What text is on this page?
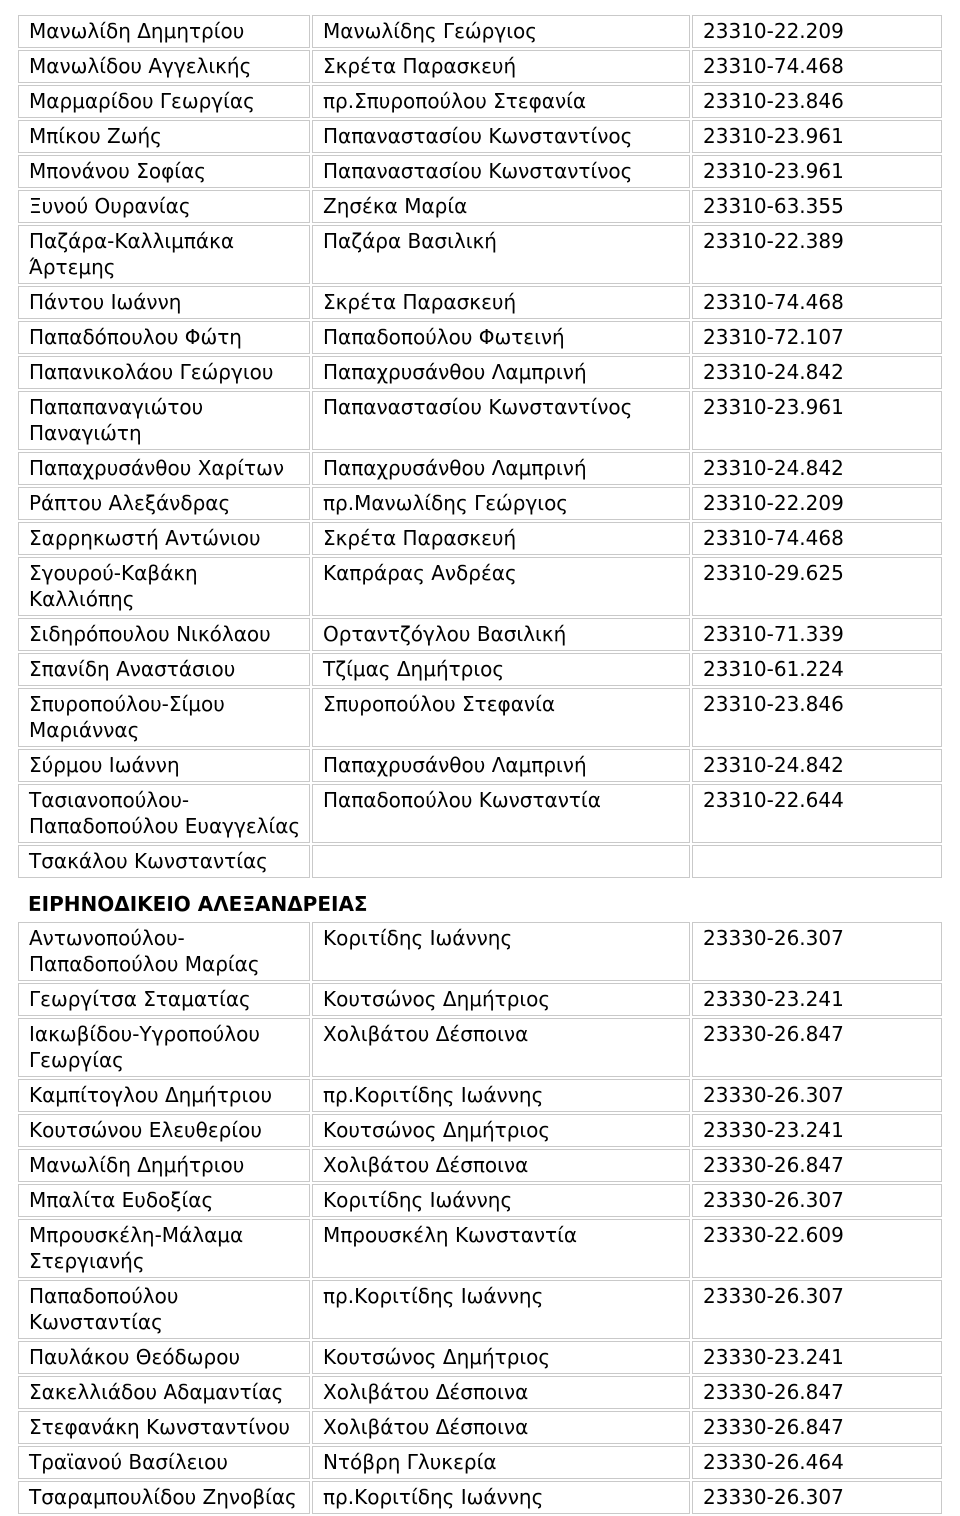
Μανωλίδη Δημητρίου	Μανωλίδης Γεώργιος	23310-22.209
Μανωλίδου Αγγελικής	Σκρέτα Παρασκευή	23310-74.468
Μαρμαρίδου Γεωργίας	πρ.Σπυροπούλου Στεφανία	23310-23.846
Μπίκου Ζωής	Παπαναστασίου Κωνσταντίνος	23310-23.961
Μπονάνου Σοφίας	Παπαναστασίου Κωνσταντίνος	23310-23.961
Ξυνού Ουρανίας	Ζησέκα Μαρία	23310-63.355
Παζάρα-Καλλιμπάκα Άρτεμης	Παζάρα Βασιλική	23310-22.389
Πάντου Ιωάννη	Σκρέτα Παρασκευή	23310-74.468
Παπαδόπουλου Φώτη	Παπαδοπούλου Φωτεινή	23310-72.107
Παπανικολάου Γεώργιου	Παπαχρυσάνθου Λαμπρινή	23310-24.842
Παπαπαναγιώτου Παναγιώτη	Παπαναστασίου Κωνσταντίνος	23310-23.961
Παπαχρυσάνθου Χαρίτων	Παπαχρυσάνθου Λαμπρινή	23310-24.842
Ράπτου Αλεξάνδρας	πρ.Μανωλίδης Γεώργιος	23310-22.209
Σαρρηκωστή Αντώνιου	Σκρέτα Παρασκευή	23310-74.468
Σγουρού-Καβάκη Καλλιόπης	Καπράρας Ανδρέας	23310-29.625
Σιδηρόπουλου Νικόλαου	Ορταντζόγλου Βασιλική	23310-71.339
Σπανίδη Αναστάσιου	Τζίμας Δημήτριος	23310-61.224
Σπυροπούλου-Σίμου Μαριάννας	Σπυροπούλου Στεφανία	23310-23.846
Σύρμου Ιωάννη	Παπαχρυσάνθου Λαμπρινή	23310-24.842
Τασιανοπούλου-Παπαδοπούλου Ευαγγελίας	Παπαδοπούλου Κωνσταντία	23310-22.644
Τσακάλου Κωνσταντίας		
ΕΙΡΗΝΟΔΙΚΕΙΟ ΑΛΕΞΑΝΔΡΕΙΑΣ
Αντωνοπούλου-Παπαδοπούλου Μαρίας	Κοριτίδης Ιωάννης	23330-26.307
Γεωργίτσα Σταματίας	Κουτσώνος Δημήτριος	23330-23.241
Ιακωβίδου-Υγροπούλου Γεωργίας	Χολιβάτου Δέσποινα	23330-26.847
Καμπίτογλου Δημήτριου	πρ.Κοριτίδης Ιωάννης	23330-26.307
Κουτσώνου Ελευθερίου	Κουτσώνος Δημήτριος	23330-23.241
Μανωλίδη Δημήτριου	Χολιβάτου Δέσποινα	23330-26.847
Μπαλίτα Ευδοξίας	Κοριτίδης Ιωάννης	23330-26.307
Μπρουσκέλη-Μάλαμα Στεργιανής	Μπρουσκέλη Κωνσταντία	23330-22.609
Παπαδοπούλου Κωνσταντίας	πρ.Κοριτίδης Ιωάννης	23330-26.307
Παυλάκου Θεόδωρου	Κουτσώνος Δημήτριος	23330-23.241
Σακελλιάδου Αδαμαντίας	Χολιβάτου Δέσποινα	23330-26.847
Στεφανάκη Κωνσταντίνου	Χολιβάτου Δέσποινα	23330-26.847
Τραϊανού Βασίλειου	Ντόβρη Γλυκερία	23330-26.464
Τσαραμπουλίδου Ζηνοβίας	πρ.Κοριτίδης Ιωάννης	23330-26.307
